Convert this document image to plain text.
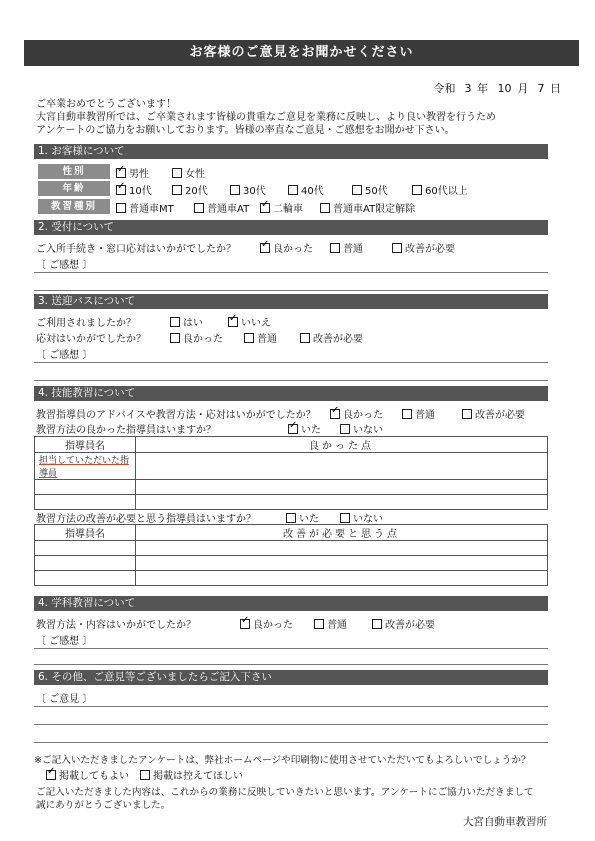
お客様のご意見をお聞かせください
令和 3 年 10 月 7 日
ご卒業おめでとうございます！
大宮自動車教習所では、ご卒業されます皆様の貴重なご意見を業務に反映し、より良い教習を行うため
アンケートのご協力をお願いしております。皆様の率直なご意見・ご感想をお聞かせ下さい。
1. お客様について
性別 ✓	男性	女性
年齢 ✓	10代	20代	30代	40代	50代	60代以上
教習種別	普通車MT	普通車AT ✓	二輪車	普通車AT限定解除
2. 受付について
ご入所手続き・窓口応対はいかがでしたか？ ✓	良かった	普通	改善が必要
〔 ご感想 〕
3. 送迎バスについて
ご利用されましたか？	はい ✓	いいえ
応対はいかがでしたか？	良かった	普通	改善が必要
〔 ご感想 〕
4. 技能教習について
教習指導員のアドバイスや教習方法・応対はいかがでしたか？ ✓	良かった	普通	改善が必要
教習方法の良かった指導員はいますか？ ✓	いた	いない
指導員名	良かった点
担当していただいた指導員	

教習方法の改善が必要と思う指導員はいますか？	いた	いない
指導員名	改善が必要と思う点

4. 学科教習について
教習方法・内容はいかがでしたか？ ✓	良かった	普通	改善が必要
〔 ご感想 〕
6. その他、ご意見等ございましたらご記入下さい
〔 ご意見 〕
※ご記入いただきましたアンケートは、弊社ホームページや印刷物に使用させていただいてもよろしいでしょうか？
✓掲載してもよい	掲載は控えてほしい
ご記入いただきました内容は、これからの業務に反映していきたいと思います。アンケートにご協力いただきまして
誠にありがとうございました。
大宮自動車教習所
